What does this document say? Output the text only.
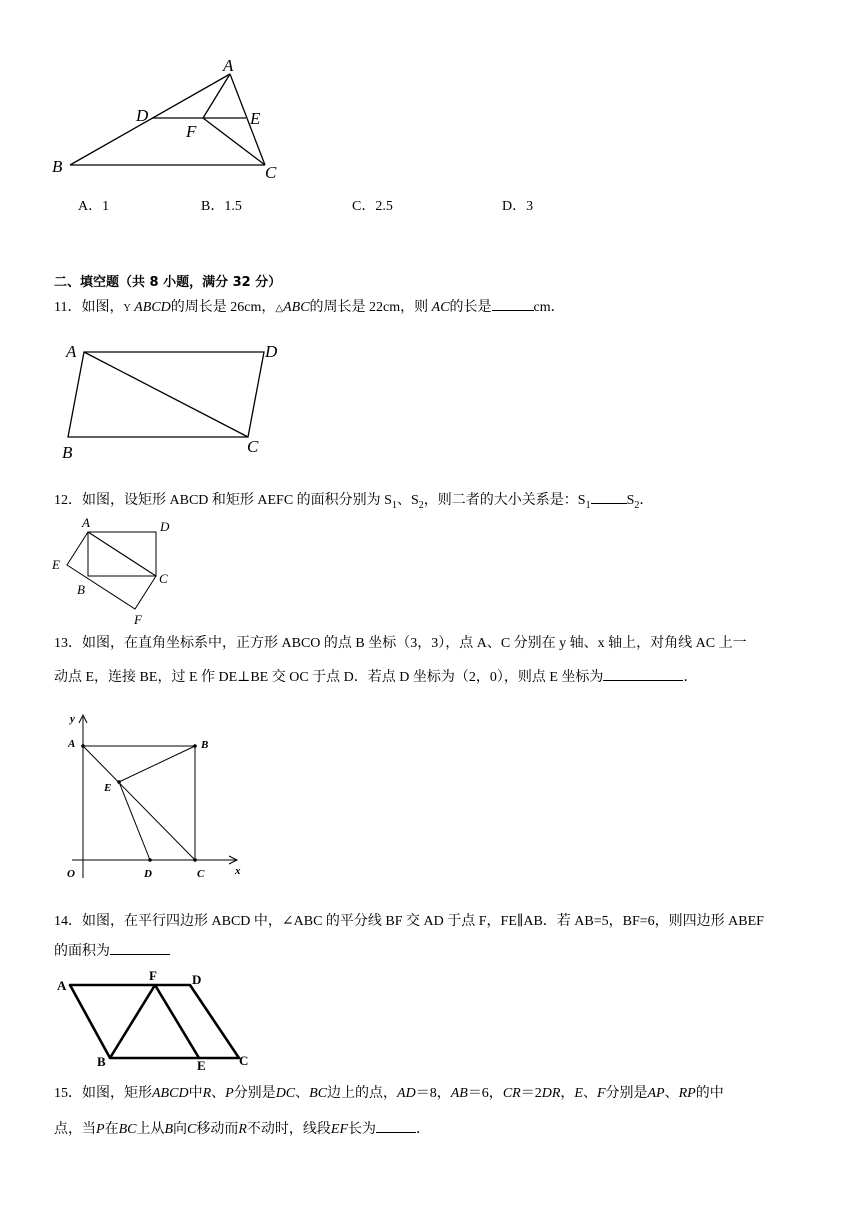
A
B	C
D	E
F
A．1	B．1.5	C．2.5	D．3
二、填空题（共 8 小题，满分 32 分）
11．如图，Y ABCD的周长是 26cm，△ABC的周长是 22cm，则 AC的长是	cm．
A	D
B	C
12．如图，设矩形 ABCD 和矩形 AEFC 的面积分别为 $S_1$、$S_2$，则二者的大小关系是：$S_1$	$S_2$．
A	D
E
B
C
F
13．如图，在直角坐标系中，正方形 ABCO 的点 B 坐标（3，3），点 A、C 分别在 y 轴、x 轴上，对角线 AC 上一
动点 E，连接 BE，过 E 作 DE⊥BE 交 OC 于点 D．若点 D 坐标为（2，0），则点 E 坐标为	．
y
x
O
A	B
E
D	C
14．如图，在平行四边形 ABCD 中，∠ABC 的平分线 BF 交 AD 于点 F，FE∥AB．若 AB=5，BF=6，则四边形 ABEF
的面积为
A
F	D
B	E	C
15．如图，矩形ABCD中R、P分别是DC、BC边上的点，AD＝8，AB＝6，CR＝2DR，E、F分别是AP、RP的中
点，当P在BC上从B向C移动而R不动时，线段EF长为	．
